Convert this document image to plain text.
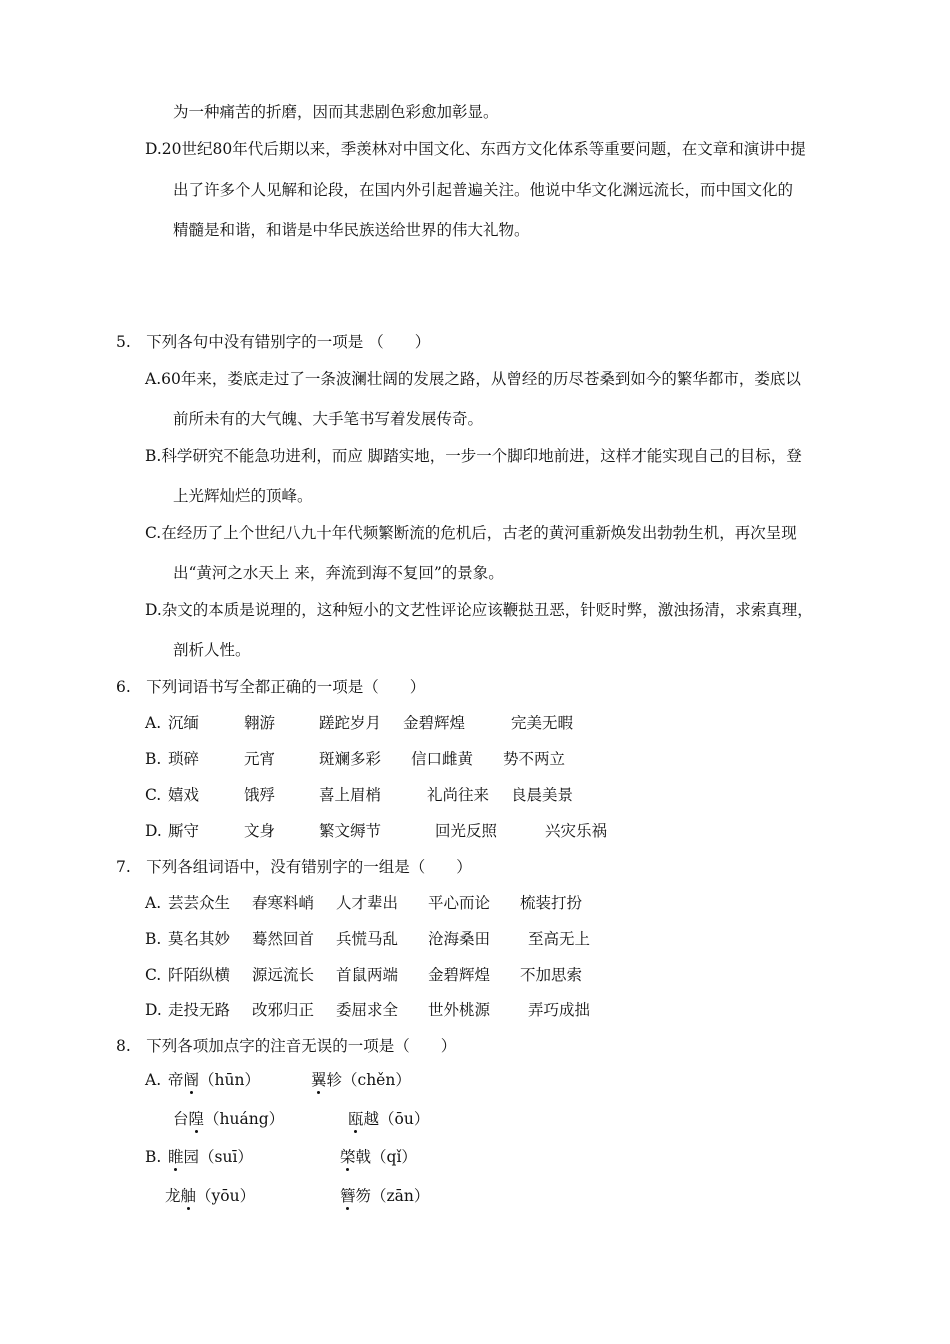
为一种痛苦的折磨，因而其悲剧色彩愈加彰显。
D.20世纪80年代后期以来，季羡林对中国文化、东西方文化体系等重要问题，在文章和演讲中提
出了许多个人见解和论段，在国内外引起普遍关注。他说中华文化渊远流长，而中国文化的
精髓是和谐，和谐是中华民族送给世界的伟大礼物。
5.　下列各句中没有错别字的一项是 （　　）
A.60年来，娄底走过了一条波澜壮阔的发展之路，从曾经的历尽苍桑到如今的繁华都市，娄底以
前所未有的大气魄、大手笔书写着发展传奇。
B.科学研究不能急功进利，而应 脚踏实地，一步一个脚印地前进，这样才能实现自己的目标，登
上光辉灿烂的顶峰。
C.在经历了上个世纪八九十年代频繁断流的危机后，古老的黄河重新焕发出勃勃生机，再次呈现
出“黄河之水天上 来，奔流到海不复回”的景象。
D.杂文的本质是说理的，这种短小的文艺性评论应该鞭挞丑恶，针贬时弊，激浊扬清，求索真理，
剖析人性。
6.　下列词语书写全都正确的一项是（　　）
A. 沉缅	翱游	蹉跎岁月 金碧辉煌	完美无暇
B. 琐碎	元宵	斑斓多彩 信口雌黄 势不两立
C. 嬉戏	饿殍	喜上眉梢	礼尚往来 良晨美景
D. 厮守	文身	繁文缛节	回光反照	兴灾乐祸
7.　下列各组词语中，没有错别字的一组是（　　）
A. 芸芸众生 春寒料峭 人才辈出 平心而论 梳装打扮
B. 莫名其妙 蓦然回首 兵慌马乱 沧海桑田 至高无上
C. 阡陌纵横 源远流长 首鼠两端 金碧辉煌 不加思索
D. 走投无路 改邪归正 委屈求全 世外桃源 弄巧成拙
8.　下列各项加点字的注音无误的一项是（　　）
A. 帝阍（hūn）	翼轸（chěn）
台隍（huáng）	瓯越（ōu）
B. 睢园（suī）	棨戟（qǐ）
龙舳（yōu）	簪笏（zān）
